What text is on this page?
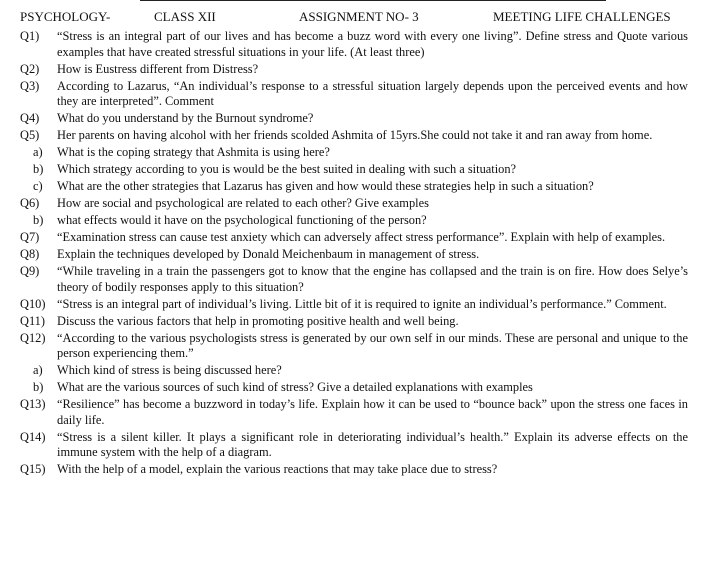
PSYCHOLOGY-	CLASS XII	ASSIGNMENT NO- 3	MEETING LIFE CHALLENGES
Q1) “Stress is an integral part of our lives and has become a buzz word with every one living”. Define stress and Quote various examples that have created stressful situations in your life. (At least three)
Q2) How is Eustress different from Distress?
Q3) According to Lazarus, “An individual’s response to a stressful situation largely depends upon the perceived events and how they are interpreted”. Comment
Q4) What do you understand by the Burnout syndrome?
Q5) Her parents on having alcohol with her friends scolded Ashmita of 15yrs.She could not take it and ran away from home.
a) What is the coping strategy that Ashmita is using here?
b) Which strategy according to you is would be the best suited in dealing with such a situation?
c) What are the other strategies that Lazarus has given and how would these strategies help in such a situation?
Q6) How are social and psychological are related to each other? Give examples
b) what effects would it have on the psychological functioning of the person?
Q7) “Examination stress can cause test anxiety which can adversely affect stress performance”. Explain with help of examples.
Q8) Explain the techniques developed by Donald Meichenbaum in management of stress.
Q9) “While traveling in a train the passengers got to know that the engine has collapsed and the train is on fire. How does Selye’s theory of bodily responses apply to this situation?
Q10) “Stress is an integral part of individual’s living. Little bit of it is required to ignite an individual’s performance.” Comment.
Q11) Discuss the various factors that help in promoting positive health and well being.
Q12) “According to the various psychologists stress is generated by our own self in our minds. These are personal and unique to the person experiencing them.”
a) Which kind of stress is being discussed here?
b) What are the various sources of such kind of stress? Give a detailed explanations with examples
Q13) “Resilience” has become a buzzword in today’s life. Explain how it can be used to “bounce back” upon the stress one faces in daily life.
Q14) “Stress is a silent killer. It plays a significant role in deteriorating individual’s health.” Explain its adverse effects on the immune system with the help of a diagram.
Q15) With the help of a model, explain the various reactions that may take place due to stress?
